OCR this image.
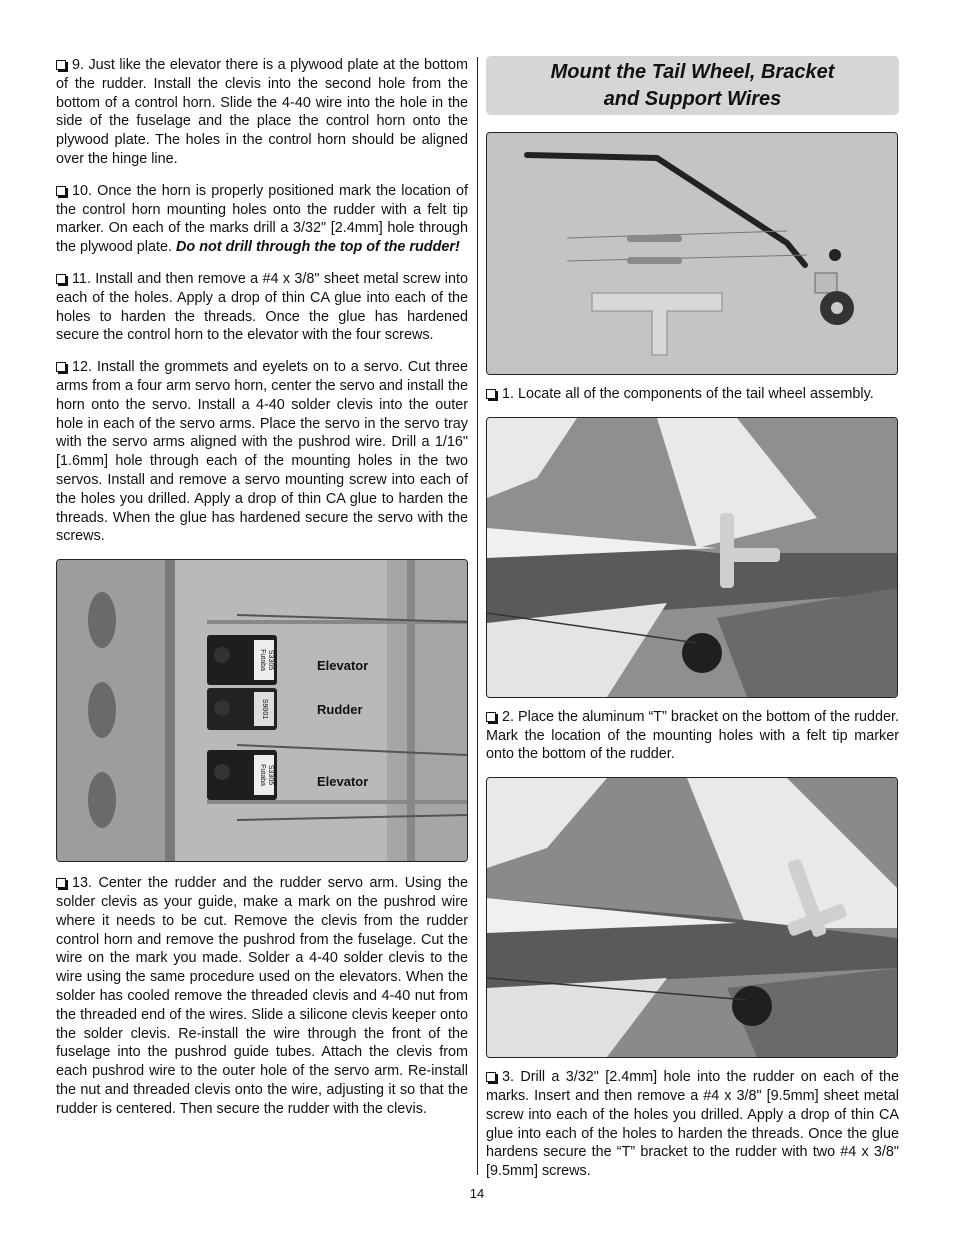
9. Just like the elevator there is a plywood plate at the bottom of the rudder. Install the clevis into the second hole from the bottom of a control horn. Slide the 4-40 wire into the hole in the side of the fuselage and the place the control horn onto the plywood plate. The holes in the control horn should be aligned over the hinge line.

10. Once the horn is properly positioned mark the location of the control horn mounting holes onto the rudder with a felt tip marker. On each of the marks drill a 3/32" [2.4mm] hole through the plywood plate. Do not drill through the top of the rudder!

11. Install and then remove a #4 x 3/8" sheet metal screw into each of the holes. Apply a drop of thin CA glue into each of the holes to harden the threads. Once the glue has hardened secure the control horn to the elevator with the four screws.

12. Install the grommets and eyelets on to a servo. Cut three arms from a four arm servo horn, center the servo and install the horn onto the servo. Install a 4-40 solder clevis into the outer hole in each of the servo arms. Place the servo in the servo tray with the servo arms aligned with the pushrod wire. Drill a 1/16" [1.6mm] hole through each of the mounting holes in the two servos. Install and remove a servo mounting screw into each of the holes you drilled. Apply a drop of thin CA glue to harden the threads. When the glue has hardened secure the servo with the screws.

Futaba S3305
S9001
Futaba S3305
Elevator
Rudder
Elevator

13. Center the rudder and the rudder servo arm. Using the solder clevis as your guide, make a mark on the pushrod wire where it needs to be cut. Remove the clevis from the rudder control horn and remove the pushrod from the fuselage. Cut the wire on the mark you made. Solder a 4-40 solder clevis to the wire using the same procedure used on the elevators. When the solder has cooled remove the threaded clevis and 4-40 nut from the threaded end of the wires. Slide a silicone clevis keeper onto the solder clevis. Re-install the wire through the front of the fuselage into the pushrod guide tubes. Attach the clevis from each pushrod wire to the outer hole of the servo arm. Re-install the nut and threaded clevis onto the wire, adjusting it so that the rudder is centered. Then secure the rudder with the clevis.

Mount the Tail Wheel, Bracket
and Support Wires

1. Locate all of the components of the tail wheel assembly.

2. Place the aluminum “T” bracket on the bottom of the rudder. Mark the location of the mounting holes with a felt tip marker onto the bottom of the rudder.

3. Drill a 3/32" [2.4mm] hole into the rudder on each of the marks. Insert and then remove a #4 x 3/8" [9.5mm] sheet metal screw into each of the holes you drilled. Apply a drop of thin CA glue into each of the holes to harden the threads. Once the glue hardens secure the “T” bracket to the rudder with two #4 x 3/8" [9.5mm] screws.

14
